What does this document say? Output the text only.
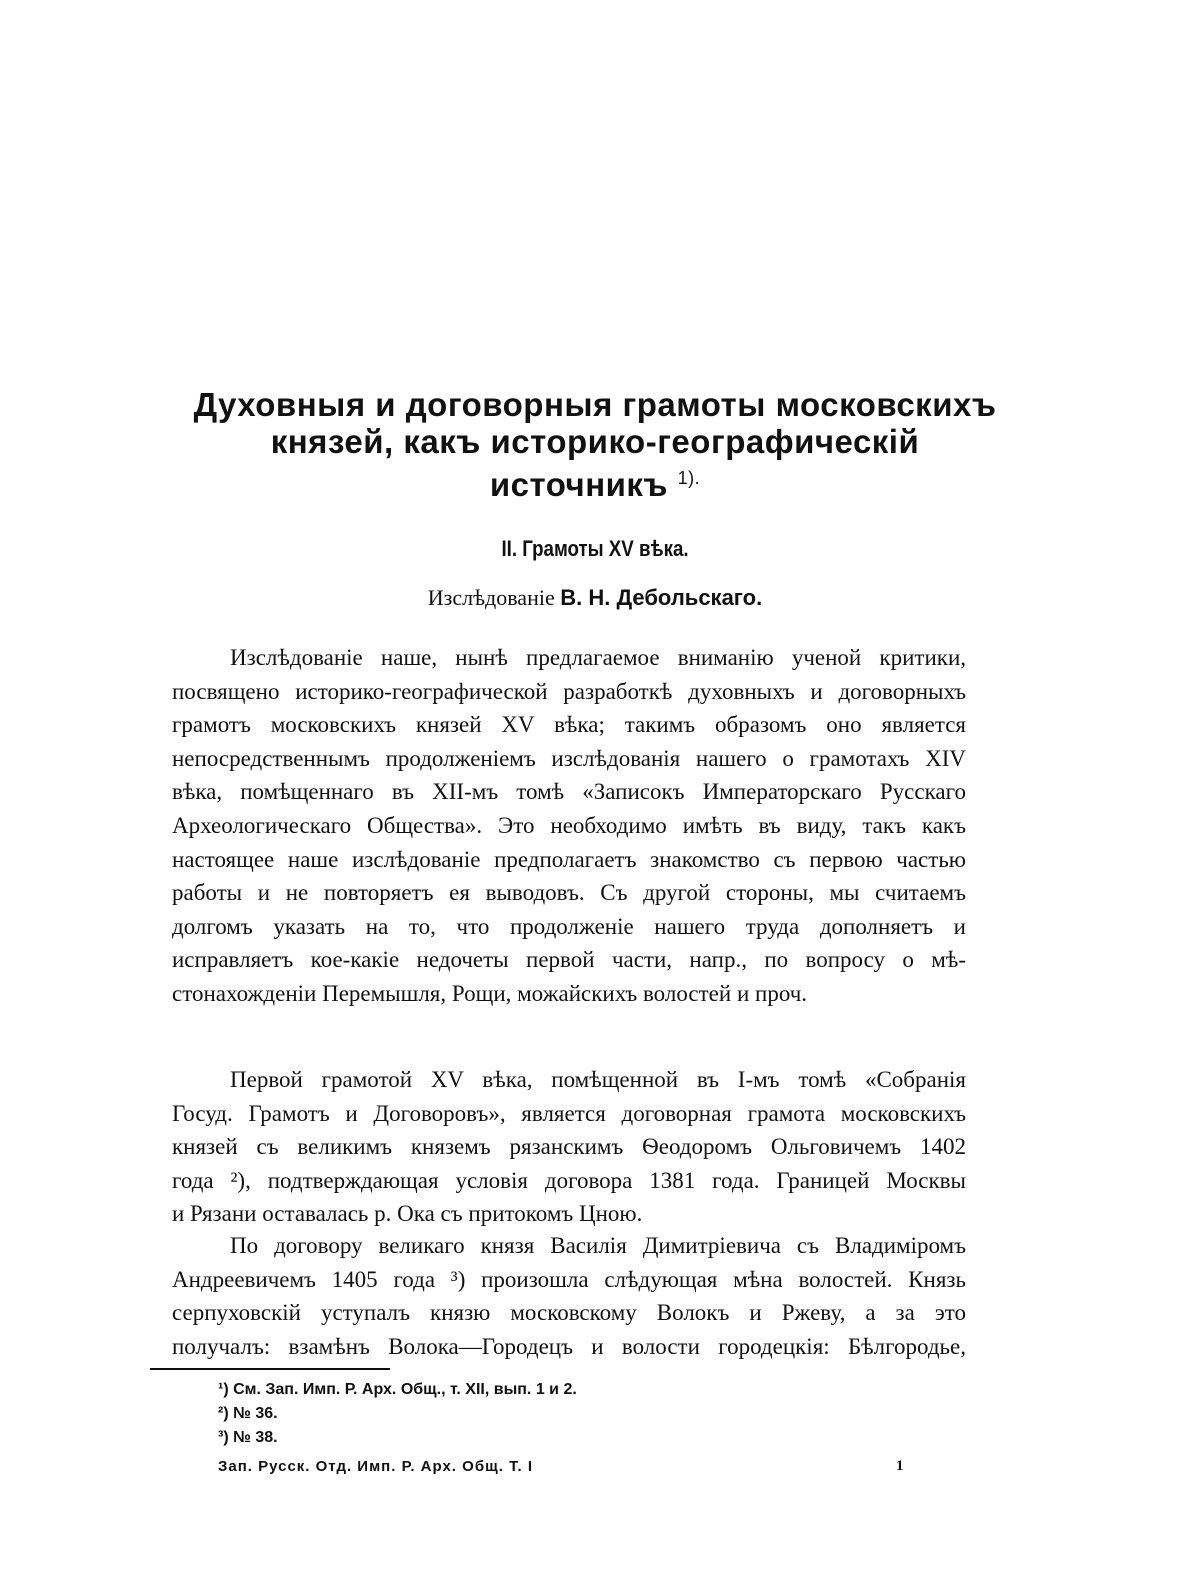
Духовныя и договорныя грамоты московскихъ
князей, какъ историко-географическій
источникъ $^{1).}$
II. Грамоты XV вѣка.
Изслѣдованіе В. Н. Дебольскаго.
Изслѣдованіе наше, нынѣ предлагаемое вниманію ученой критики,
посвящено историко-географической разработкѣ духовныхъ и договорныхъ
грамотъ московскихъ князей XV вѣка; такимъ образомъ оно является
непосредственнымъ продолженіемъ изслѣдованія нашего о грамотахъ XIV
вѣка, помѣщеннаго въ XII-мъ томѣ «Записокъ Императорскаго Русскаго
Археологическаго Общества». Это необходимо имѣть въ виду, такъ какъ
настоящее наше изслѣдованіе предполагаетъ знакомство съ первою частью
работы и не повторяетъ ея выводовъ. Съ другой стороны, мы считаемъ
долгомъ указать на то, что продолженіе нашего труда дополняетъ и
исправляетъ кое-какіе недочеты первой части, напр., по вопросу о мѣ-
стонахожденіи Перемышля, Рощи, можайскихъ волостей и проч.
Первой грамотой XV вѣка, помѣщенной въ I-мъ томѣ «Собранія
Госуд. Грамотъ и Договоровъ», является договорная грамота московскихъ
князей съ великимъ княземъ рязанскимъ Ѳеодоромъ Ольговичемъ 1402
года ²), подтверждающая условія договора 1381 года. Границей Москвы
и Рязани оставалась р. Ока съ притокомъ Цною.
По договору великаго князя Василія Димитріевича съ Владиміромъ
Андреевичемъ 1405 года ³) произошла слѣдующая мѣна волостей. Князь
серпуховскій уступалъ князю московскому Волокъ и Ржеву, а за это
получалъ: взамѣнъ Волока—Городецъ и волости городецкія: Бѣлгородье,
¹) См. Зап. Имп. Р. Арх. Общ., т. XII, вып. 1 и 2.
²) № 36.
³) № 38.
Зап. Русск. Отд. Имп. Р. Арх. Общ. Т. I	1
